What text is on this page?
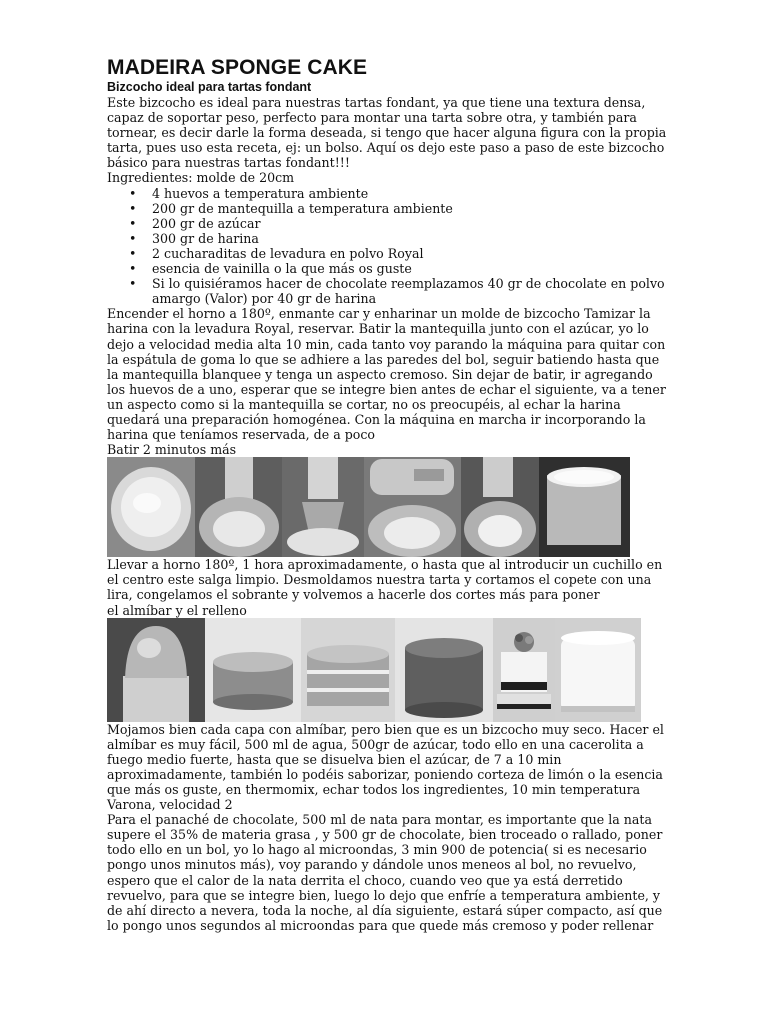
MADEIRA SPONGE CAKE
Bizcocho ideal para tartas fondant

Este bizcocho es ideal para nuestras tartas fondant, ya que tiene una textura densa, capaz de soportar peso, perfecto para montar una tarta sobre otra, y también para tornear, es decir darle la forma deseada, si tengo que hacer alguna figura con la propia tarta, pues uso esta receta, ej: un bolso. Aquí os dejo este paso a paso de este bizcocho básico para nuestras tartas fondant!!!

Ingredientes: molde de 20cm

• 4 huevos a temperatura ambiente
• 200 gr de mantequilla a temperatura ambiente
• 200 gr de azúcar
• 300 gr de harina
• 2 cucharaditas de levadura en polvo Royal
• esencia de vainilla o la que más os guste
• Si lo quisiéramos hacer de chocolate reemplazamos 40 gr de chocolate en polvo amargo (Valor) por 40 gr de harina

Encender el horno a 180º, enmante car y enharinar un molde de bizcocho Tamizar la harina con la levadura Royal, reservar. Batir la mantequilla junto con el azúcar, yo lo dejo a velocidad media alta 10 min, cada tanto voy parando la máquina para quitar con la espátula de goma lo que se adhiere a las paredes del bol, seguir batiendo hasta que la mantequilla blanquee y tenga un aspecto cremoso. Sin dejar de batir, ir agregando los huevos de a uno, esperar que se integre bien antes de echar el siguiente, va a tener un aspecto como si la mantequilla se cortar, no os preocupéis, al echar la harina quedará una preparación homogénea. Con la máquina en marcha ir incorporando la harina que teníamos reservada, de a poco

Batir 2 minutos más

Llevar a horno 180º, 1 hora aproximadamente, o hasta que al introducir un cuchillo en el centro este salga limpio. Desmoldamos nuestra tarta y cortamos el copete con una lira, congelamos el sobrante y volvemos a hacerle dos cortes más para poner

el almíbar y el relleno

Mojamos bien cada capa con almíbar, pero bien que es un bizcocho muy seco. Hacer el almíbar es muy fácil, 500 ml de agua, 500gr de azúcar, todo ello en una cacerolita a fuego medio fuerte, hasta que se disuelva bien el azúcar, de 7 a 10 min aproximadamente, también lo podéis saborizar, poniendo corteza de limón o la esencia que más os guste, en thermomix, echar todos los ingredientes, 10 min temperatura Varona, velocidad 2

Para el panaché de chocolate, 500 ml de nata para montar, es importante que la nata supere el 35% de materia grasa , y 500 gr de chocolate, bien troceado o rallado, poner todo ello en un bol, yo lo hago al microondas, 3 min 900 de potencia( si es necesario pongo unos minutos más), voy parando y dándole unos meneos al bol, no revuelvo, espero que el calor de la nata derrita el choco, cuando veo que ya está derretido revuelvo, para que se integre bien, luego lo dejo que enfríe a temperatura ambiente, y de ahí directo a nevera, toda la noche, al día siguiente, estará súper compacto, así que lo pongo unos segundos al microondas para que quede más cremoso y poder rellenar
